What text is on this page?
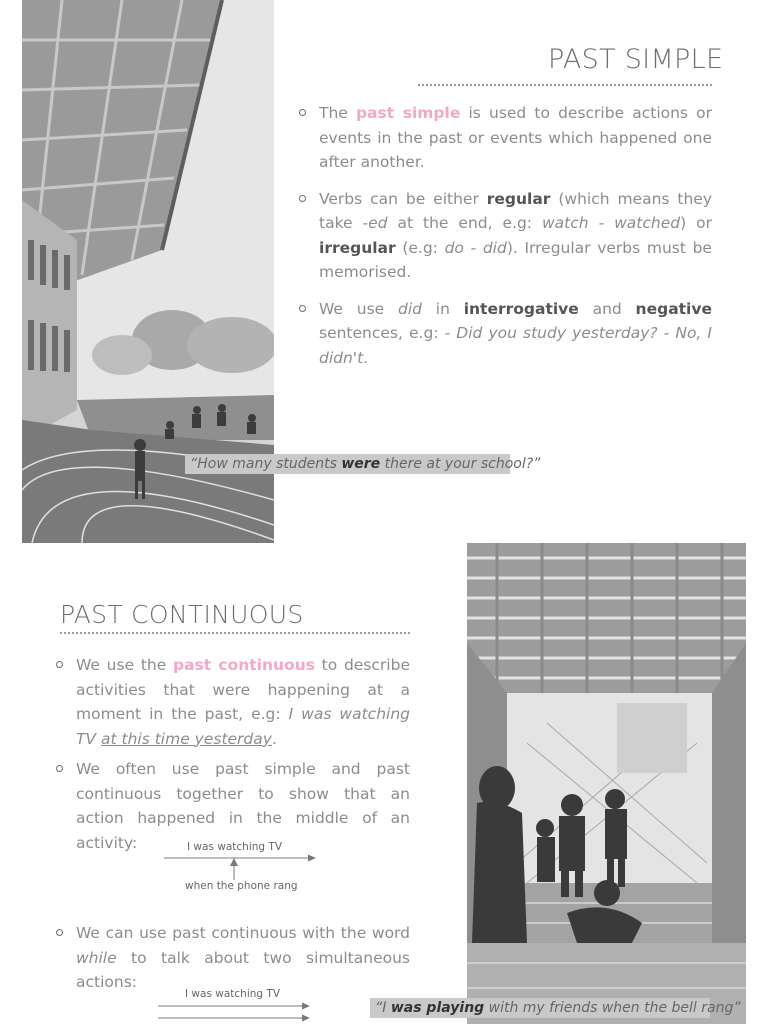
PAST SIMPLE
The past simple is used to describe actions or events in the past or events which happened one after another.
Verbs can be either regular (which means they take -ed at the end, e.g: watch - watched) or irregular (e.g: do - did). Irregular verbs must be memorised.
We use did in interrogative and negative sentences, e.g: - Did you study yesterday? - No, I didn't.
“How many students were there at your school?”
PAST CONTINUOUS
We use the past continuous to describe activities that were happening at a moment in the past, e.g: I was watching TV at this time yesterday.
We often use past simple and past continuous together to show that an action happened in the middle of an activity:	I was watching TV
when the phone rang
We can use past continuous with the word while to talk about two simultaneous actions:
I was watching TV
“I was playing with my friends when the bell rang”
